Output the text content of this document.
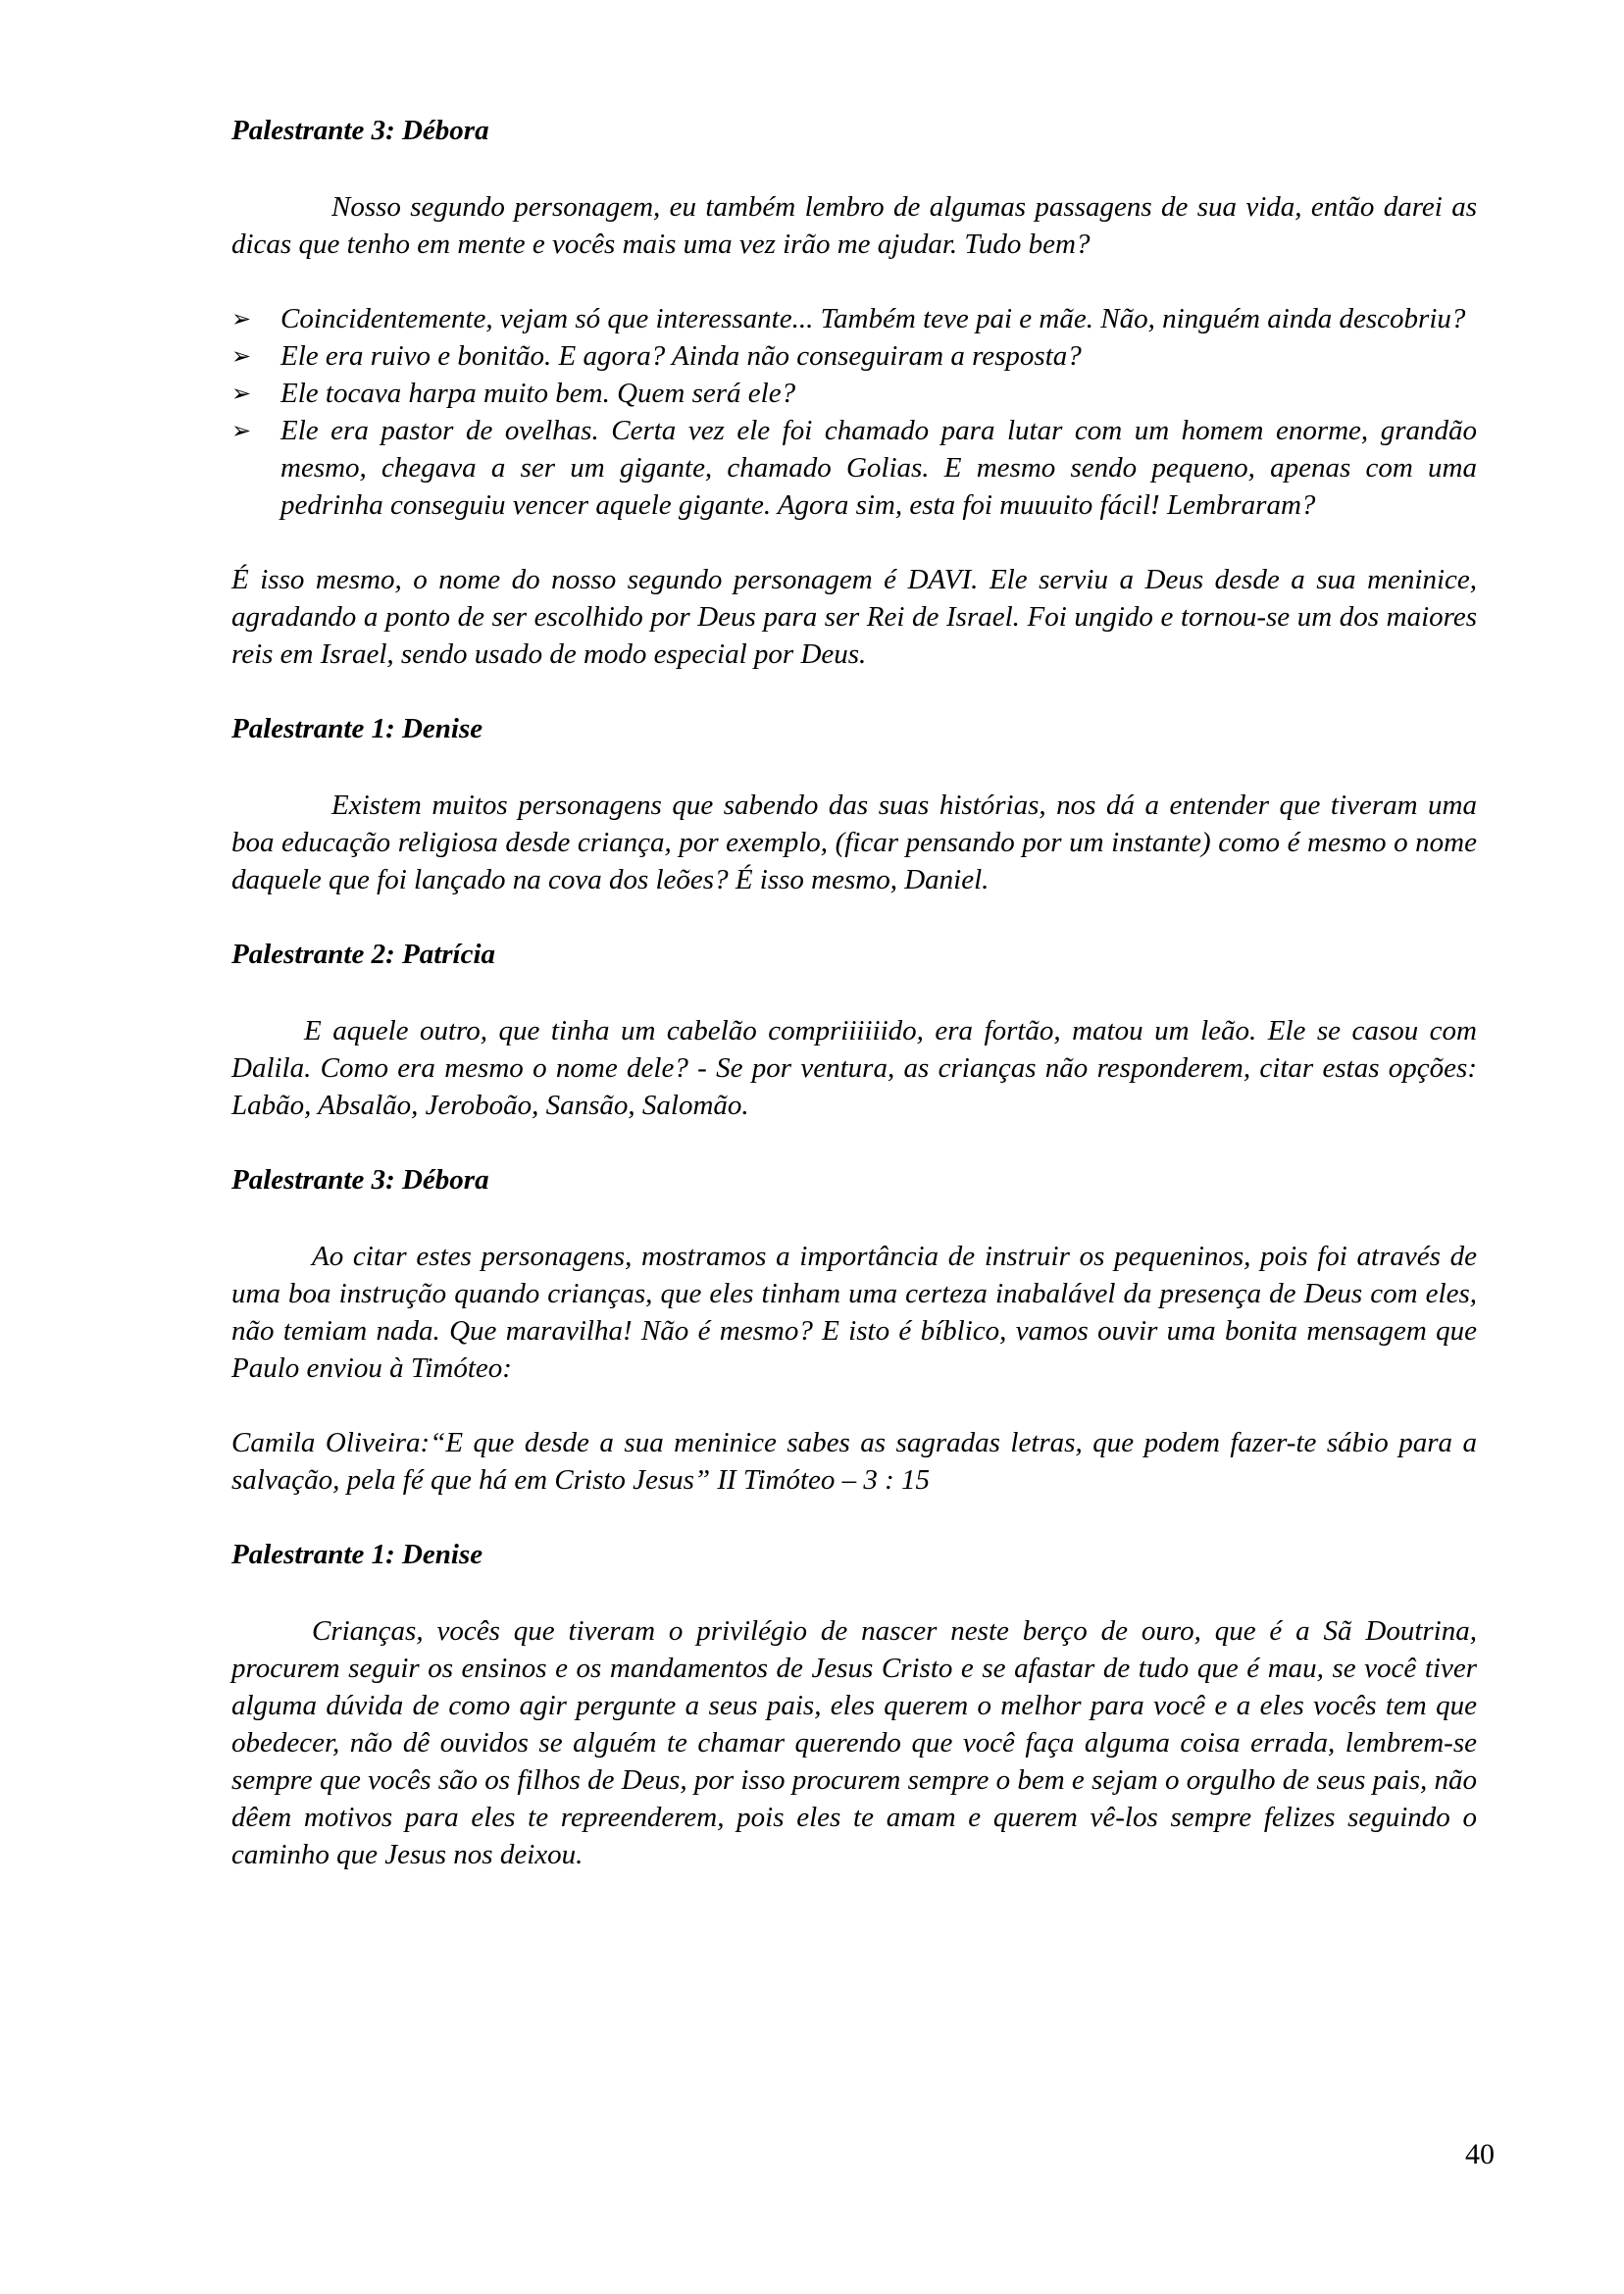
Palestrante 3: Débora

Nosso segundo personagem, eu também lembro de algumas passagens de sua vida, então darei as dicas que tenho em mente e vocês mais uma vez irão me ajudar. Tudo bem?

➢ Coincidentemente, vejam só que interessante... Também teve pai e mãe. Não, ninguém ainda descobriu?
➢ Ele era ruivo e bonitão. E agora? Ainda não conseguiram a resposta?
➢ Ele tocava harpa muito bem. Quem será ele?
➢ Ele era pastor de ovelhas. Certa vez ele foi chamado para lutar com um homem enorme, grandão mesmo, chegava a ser um gigante, chamado Golias. E mesmo sendo pequeno, apenas com uma pedrinha conseguiu vencer aquele gigante. Agora sim, esta foi muuuito fácil! Lembraram?

É isso mesmo, o nome do nosso segundo personagem é DAVI. Ele serviu a Deus desde a sua meninice, agradando a ponto de ser escolhido por Deus para ser Rei de Israel. Foi ungido e tornou-se um dos maiores reis em Israel, sendo usado de modo especial por Deus.

Palestrante 1: Denise

Existem muitos personagens que sabendo das suas histórias, nos dá a entender que tiveram uma boa educação religiosa desde criança, por exemplo, (ficar pensando por um instante) como é mesmo o nome daquele que foi lançado na cova dos leões? É isso mesmo, Daniel.

Palestrante 2: Patrícia

E aquele outro, que tinha um cabelão compriiiiiido, era fortão, matou um leão. Ele se casou com Dalila. Como era mesmo o nome dele? - Se por ventura, as crianças não responderem, citar estas opções: Labão, Absalão, Jeroboão, Sansão, Salomão.

Palestrante 3: Débora

Ao citar estes personagens, mostramos a importância de instruir os pequeninos, pois foi através de uma boa instrução quando crianças, que eles tinham uma certeza inabalável da presença de Deus com eles, não temiam nada. Que maravilha! Não é mesmo? E isto é bíblico, vamos ouvir uma bonita mensagem que Paulo enviou à Timóteo:

Camila Oliveira:“E que desde a sua meninice sabes as sagradas letras, que podem fazer-te sábio para a salvação, pela fé que há em Cristo Jesus” II Timóteo – 3 : 15

Palestrante 1: Denise

Crianças, vocês que tiveram o privilégio de nascer neste berço de ouro, que é a Sã Doutrina, procurem seguir os ensinos e os mandamentos de Jesus Cristo e se afastar de tudo que é mau, se você tiver alguma dúvida de como agir pergunte a seus pais, eles querem o melhor para você e a eles vocês tem que obedecer, não dê ouvidos se alguém te chamar querendo que você faça alguma coisa errada, lembrem-se sempre que vocês são os filhos de Deus, por isso procurem sempre o bem e sejam o orgulho de seus pais, não dêem motivos para eles te repreenderem, pois eles te amam e querem vê-los sempre felizes seguindo o caminho que Jesus nos deixou.

40
